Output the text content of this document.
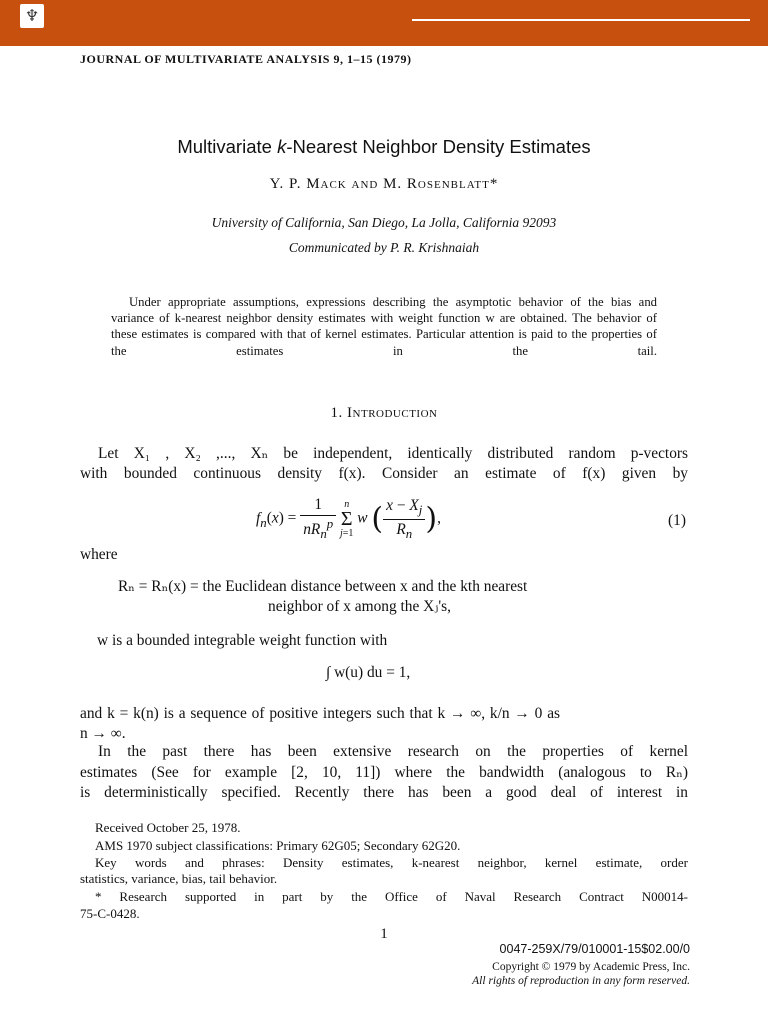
♆
JOURNAL OF MULTIVARIATE ANALYSIS 9, 1–15 (1979)
Multivariate k-Nearest Neighbor Density Estimates
Y. P. Mack and M. Rosenblatt*
University of California, San Diego, La Jolla, California 92093
Communicated by P. R. Krishnaiah
Under appropriate assumptions, expressions describing the asymptotic behavior of the bias and variance of k-nearest neighbor density estimates with weight function w are obtained. The behavior of these estimates is compared with that of kernel estimates. Particular attention is paid to the properties of the	estimates in the tail.
1. Introduction
Let X₁ , X₂ ,..., Xₙ be independent, identically distributed random p-vectors
with bounded continuous density f(x). Consider an estimate of f(x) given by
$f_n(x) = \frac{1}{nR_n^p}$
n
Σ
j=1
w ( $\frac{x - X_j}{R_n}$ ),	(1)
where
Rₙ = Rₙ(x) = the Euclidean distance between x and the kth nearest
neighbor of x among the Xⱼ's,
w is a bounded integrable weight function with
∫ w(u) du = 1,
and k = k(n) is a sequence of positive integers such that k → ∞, k/n → 0 as
n → ∞.
In the past there has been extensive research on the properties of kernel
estimates (See for example [2, 10, 11]) where the bandwidth (analogous to Rₙ)
is deterministically specified. Recently there has been a good deal of interest in
Received October 25, 1978.
AMS 1970 subject classifications: Primary 62G05; Secondary 62G20.
Key words and phrases: Density estimates, k-nearest neighbor, kernel estimate, order
statistics, variance, bias, tail behavior.
* Research supported in part by the Office of Naval Research Contract N00014-
75-C-0428.
1
0047-259X/79/010001-15$02.00/0
Copyright © 1979 by Academic Press, Inc.
All rights of reproduction in any form reserved.
